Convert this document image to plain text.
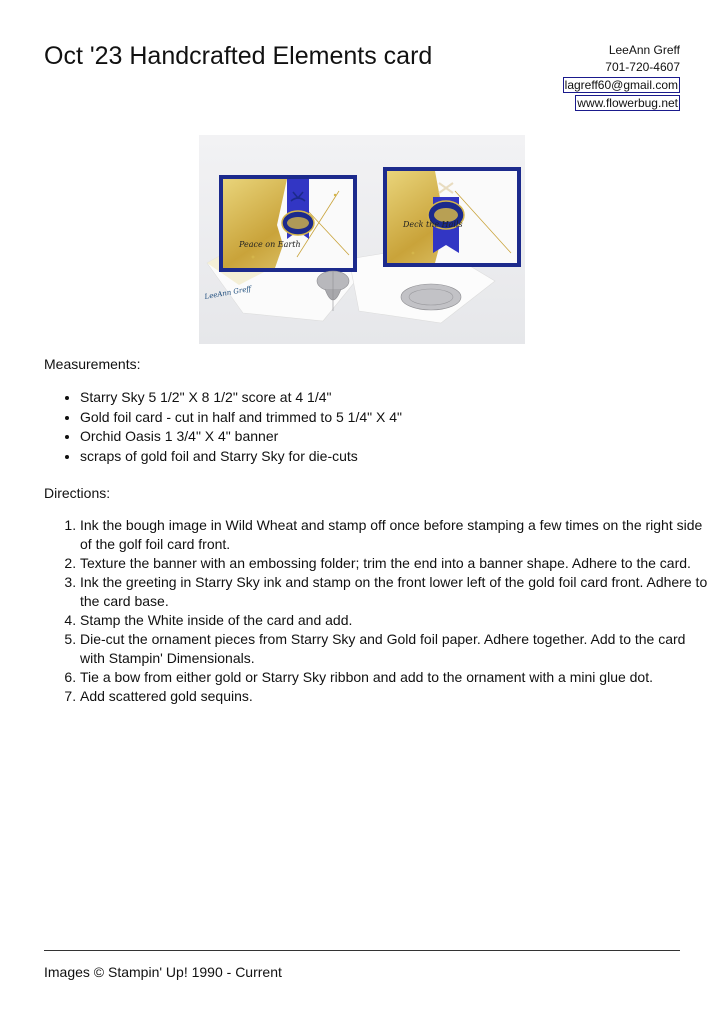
Oct '23 Handcrafted Elements card	LeeAnn Greff
701-720-4607
lagreff60@gmail.com
www.flowerbug.net
Peace on Earth
Deck the Halls
LeeAnn Greff
Measurements:
• Starry Sky 5 1/2" X 8 1/2" score at 4 1/4"
• Gold foil card - cut in half and trimmed to 5 1/4" X 4"
• Orchid Oasis 1 3/4" X 4" banner
• scraps of gold foil and Starry Sky for die-cuts
Directions:
1. Ink the bough image in Wild Wheat and stamp off once before stamping a few times on the right side of the golf foil card front.
2. Texture the banner with an embossing folder; trim the end into a banner shape. Adhere to the card.
3. Ink the greeting in Starry Sky ink and stamp on the front lower left of the gold foil card front. Adhere to the card base.
4. Stamp the White inside of the card and add.
5. Die-cut the ornament pieces from Starry Sky and Gold foil paper. Adhere together. Add to the card with Stampin' Dimensionals.
6. Tie a bow from either gold or Starry Sky ribbon and add to the ornament with a mini glue dot.
7. Add scattered gold sequins.
Images © Stampin' Up! 1990 - Current
